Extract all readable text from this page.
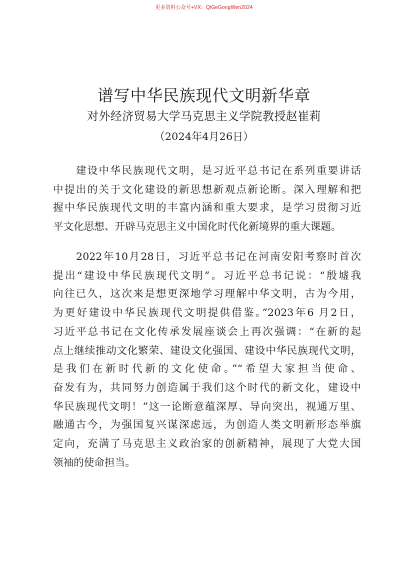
更多资料公众号+VX：QiGeGongWen2024
谱写中华民族现代文明新华章
对外经济贸易大学马克思主义学院教授赵崔莉
（2024年4月26日）
　　建设中华民族现代文明，是习近平总书记在系列重要讲话
中提出的关于文化建设的新思想新观点新论断。深入理解和把
握中华民族现代文明的丰富内涵和重大要求，是学习贯彻习近
平文化思想、开辟马克思主义中国化时代化新境界的重大课题。
　　2022年10月28日，习近平总书记在河南安阳考察时首次
提出“建设中华民族现代文明”。习近平总书记说：“殷墟我
向往已久，这次来是想更深地学习理解中华文明，古为今用，
为更好建设中华民族现代文明提供借鉴。”2023年6 月2日，
习近平总书记在文化传承发展座谈会上再次强调：“在新的起
点上继续推动文化繁荣、建设文化强国、建设中华民族现代文明，
是我们在新时代新的文化使命。”“希望大家担当使命、
奋发有为，共同努力创造属于我们这个时代的新文化，建设中
华民族现代文明！”这一论断意蕴深厚、导向突出，视通万里、
融通古今，为强国复兴谋深虑远，为创造人类文明新形态举旗
定向，充满了马克思主义政治家的创新精神，展现了大党大国
领袖的使命担当。
